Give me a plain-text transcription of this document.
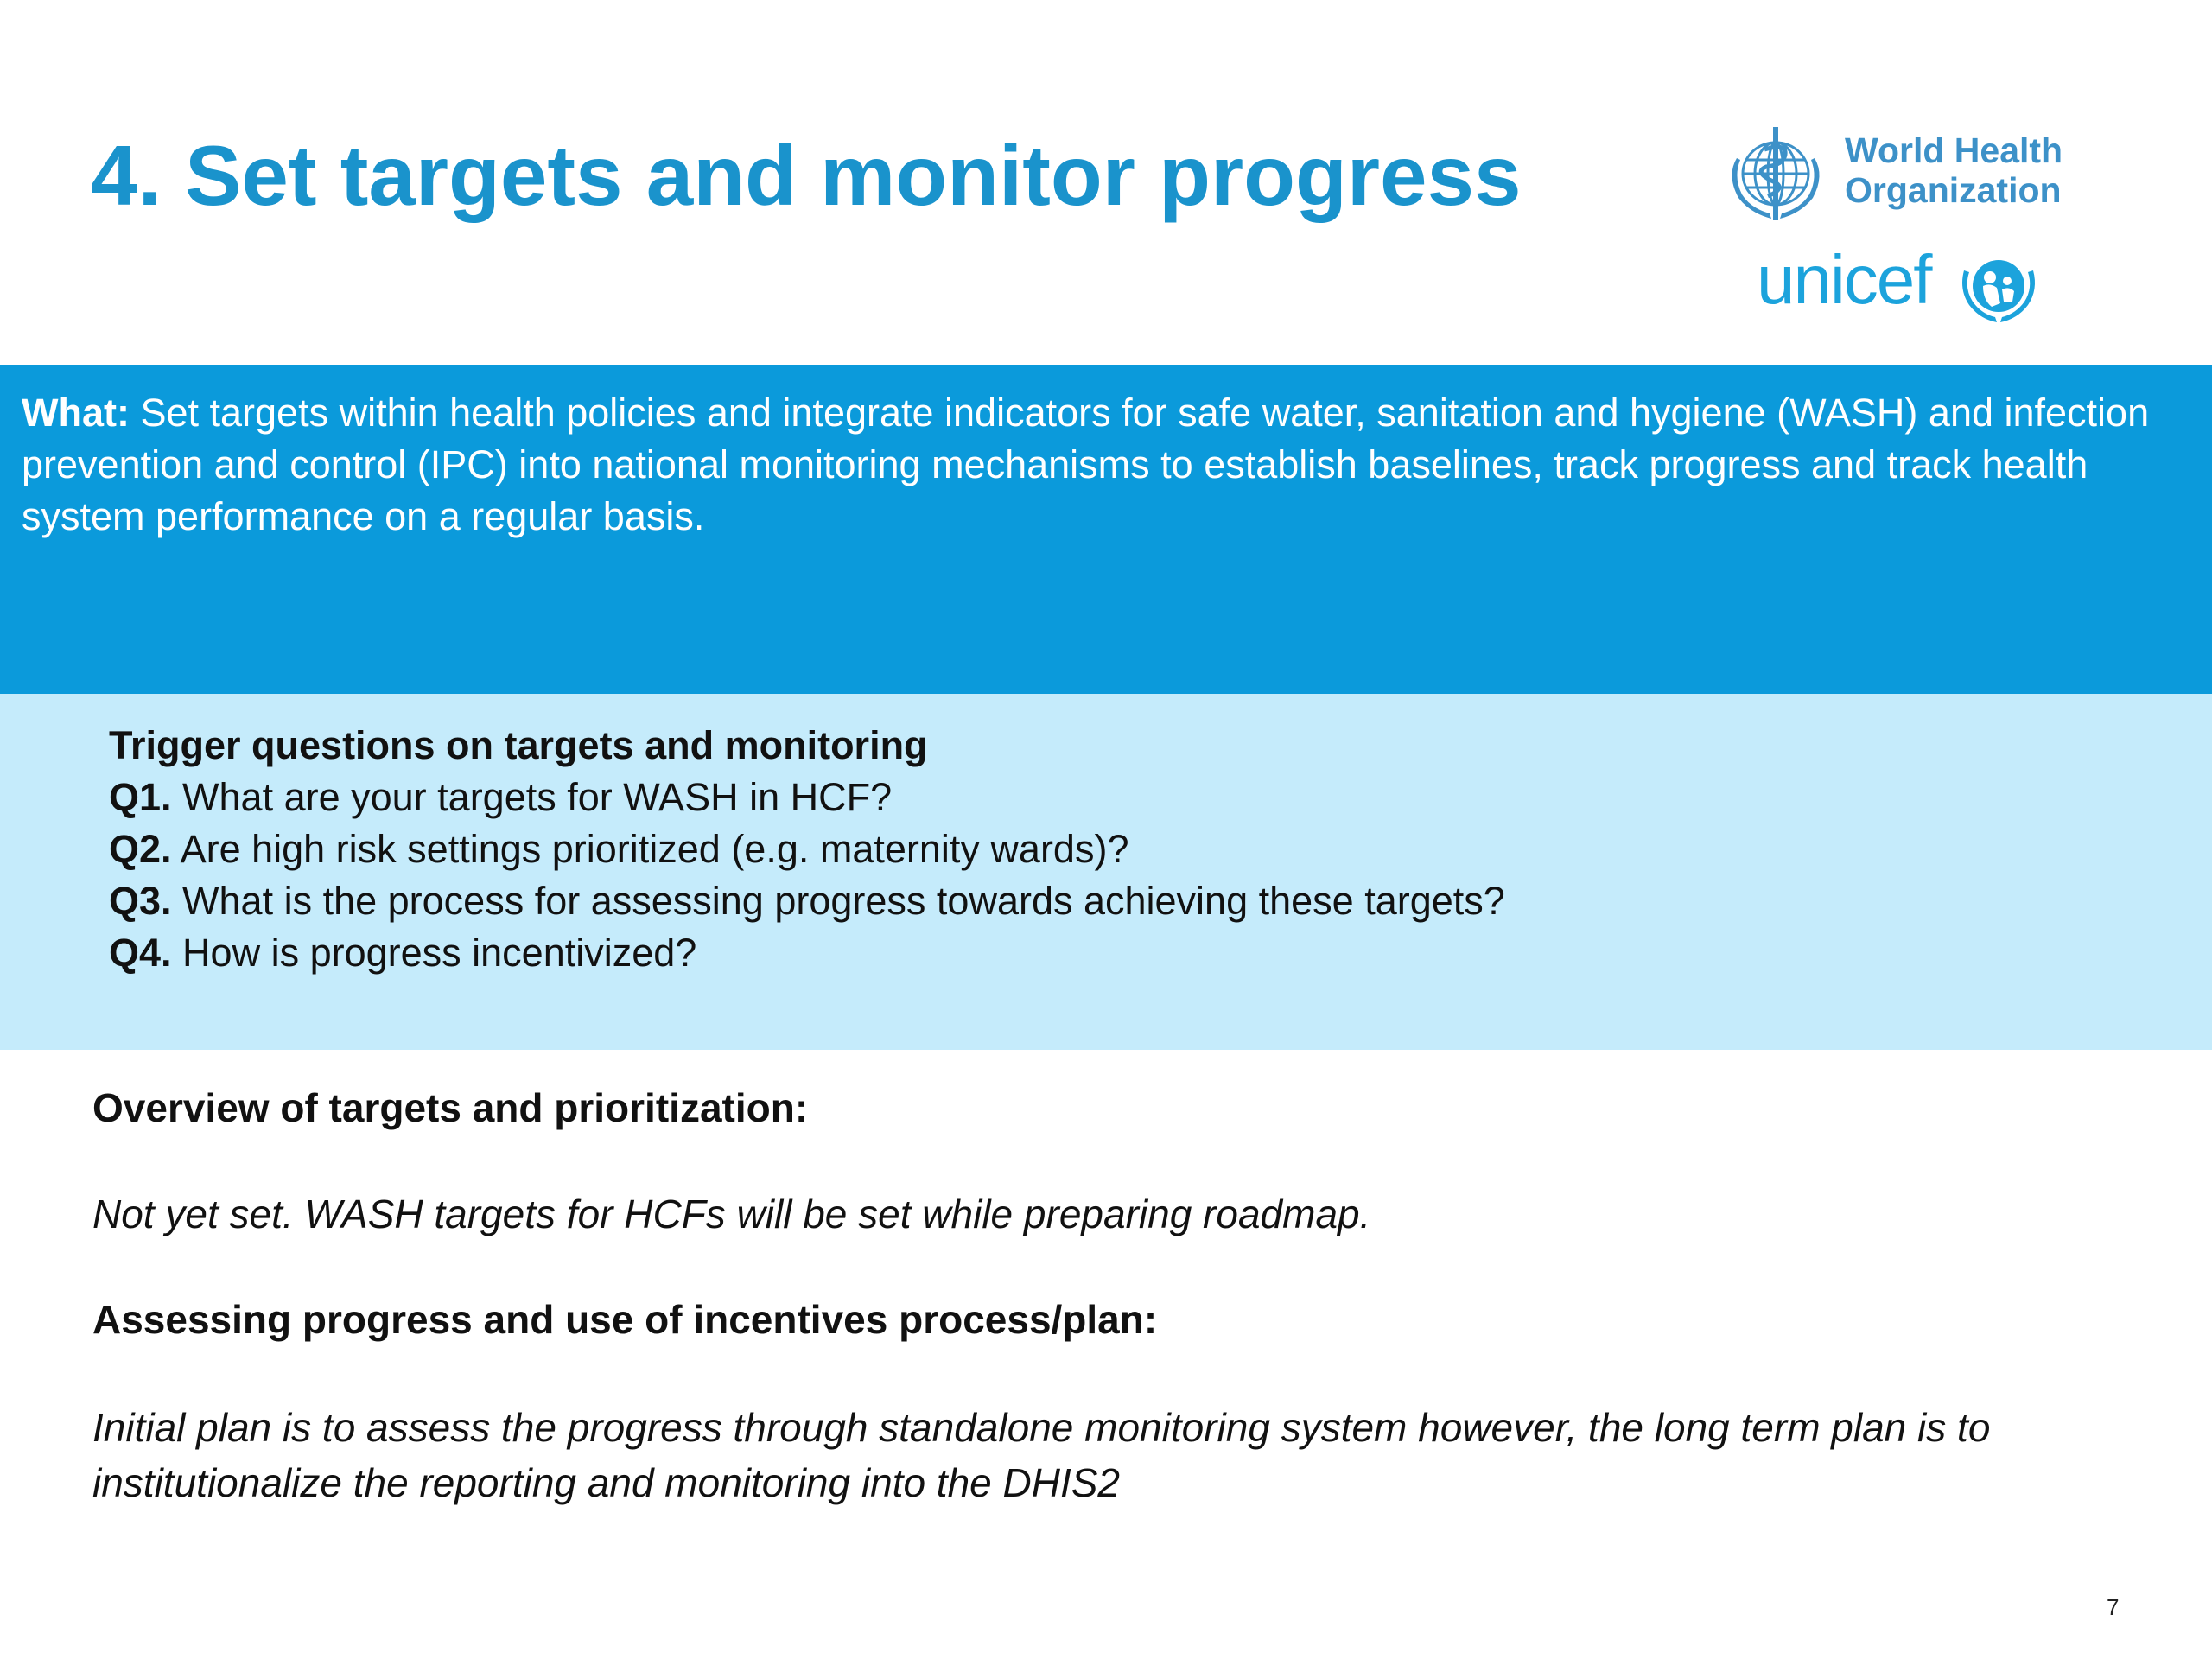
4. Set targets and monitor progress	World Health
Organization
unicef

What: Set targets within health policies and integrate indicators for safe water, sanitation and hygiene (WASH) and infection prevention and control (IPC) into national monitoring mechanisms to establish baselines, track progress and track health system performance on a regular basis.

Trigger questions on targets and monitoring
Q1. What are your targets for WASH in HCF?
Q2. Are high risk settings prioritized (e.g. maternity wards)?
Q3. What is the process for assessing progress towards achieving these targets?
Q4. How is progress incentivized?
Overview of targets and prioritization:
Not yet set. WASH targets for HCFs will be set while preparing roadmap.
Assessing progress and use of incentives process/plan:
Initial plan is to assess the progress through standalone monitoring system however, the long term plan is to institutionalize the reporting and monitoring into the DHIS2
7
